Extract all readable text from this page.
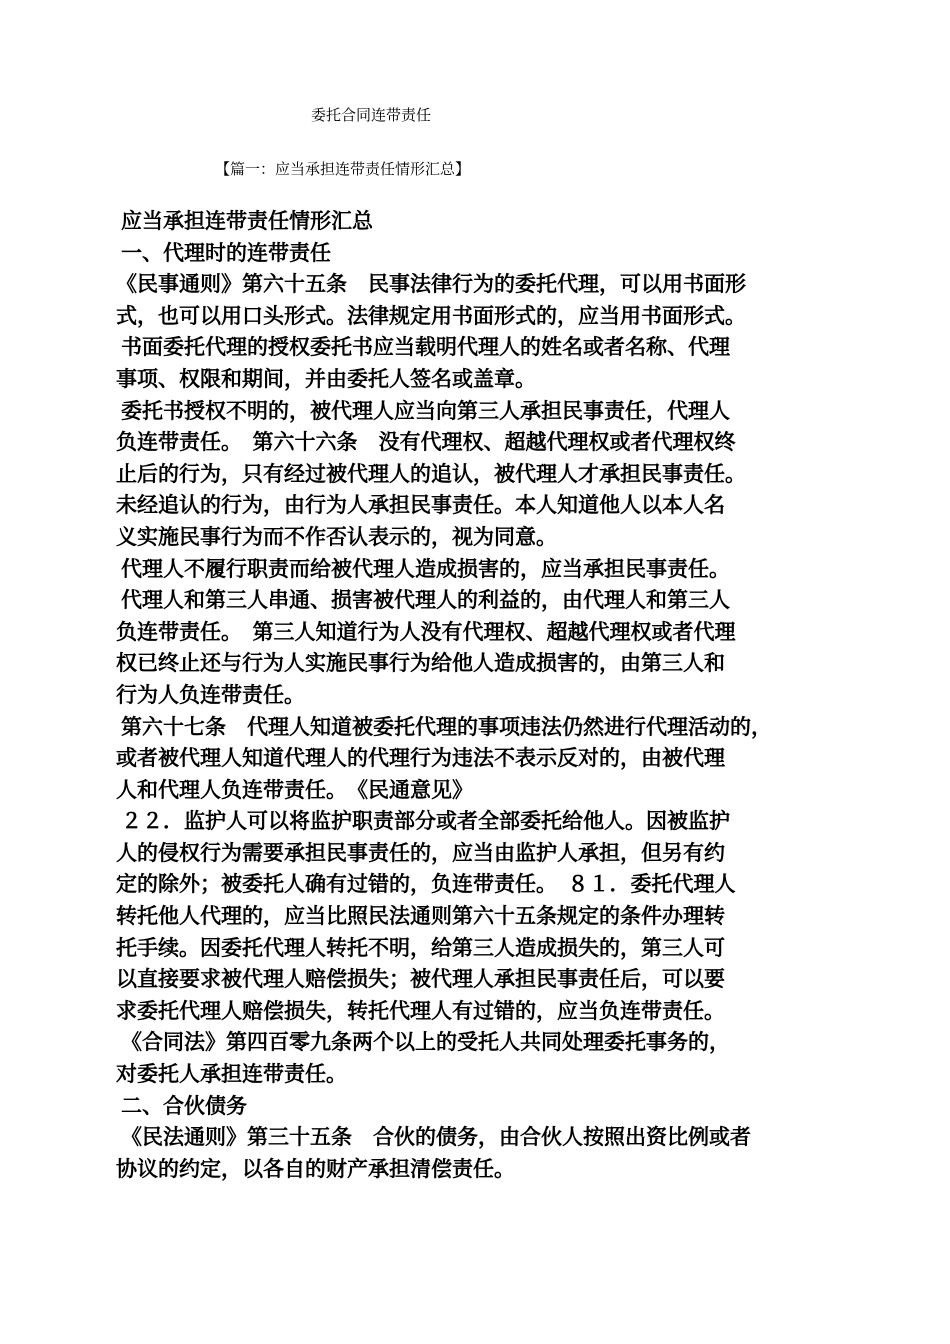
委托合同连带责任
【篇一：应当承担连带责任情形汇总】
应当承担连带责任情形汇总
一、代理时的连带责任
《民事通则》第六十五条　民事法律行为的委托代理，可以用书面形
式，也可以用口头形式。法律规定用书面形式的，应当用书面形式。
书面委托代理的授权委托书应当载明代理人的姓名或者名称、代理
事项、权限和期间，并由委托人签名或盖章。
委托书授权不明的，被代理人应当向第三人承担民事责任，代理人
负连带责任。　第六十六条　没有代理权、超越代理权或者代理权终
止后的行为，只有经过被代理人的追认，被代理人才承担民事责任。
未经追认的行为，由行为人承担民事责任。本人知道他人以本人名
义实施民事行为而不作否认表示的，视为同意。
代理人不履行职责而给被代理人造成损害的，应当承担民事责任。
代理人和第三人串通、损害被代理人的利益的，由代理人和第三人
负连带责任。　第三人知道行为人没有代理权、超越代理权或者代理
权已终止还与行为人实施民事行为给他人造成损害的，由第三人和
行为人负连带责任。
第六十七条　代理人知道被委托代理的事项违法仍然进行代理活动的，
或者被代理人知道代理人的代理行为违法不表示反对的，由被代理
人和代理人负连带责任。　《民通意见》
２２．监护人可以将监护职责部分或者全部委托给他人。因被监护
人的侵权行为需要承担民事责任的，应当由监护人承担，但另有约
定的除外；被委托人确有过错的，负连带责任。　８１．委托代理人
转托他人代理的，应当比照民法通则第六十五条规定的条件办理转
托手续。因委托代理人转托不明，给第三人造成损失的，第三人可
以直接要求被代理人赔偿损失；被代理人承担民事责任后，可以要
求委托代理人赔偿损失，转托代理人有过错的，应当负连带责任。
《合同法》第四百零九条两个以上的受托人共同处理委托事务的，
对委托人承担连带责任。
二、合伙债务
《民法通则》第三十五条　合伙的债务，由合伙人按照出资比例或者
协议的约定，以各自的财产承担清偿责任。
